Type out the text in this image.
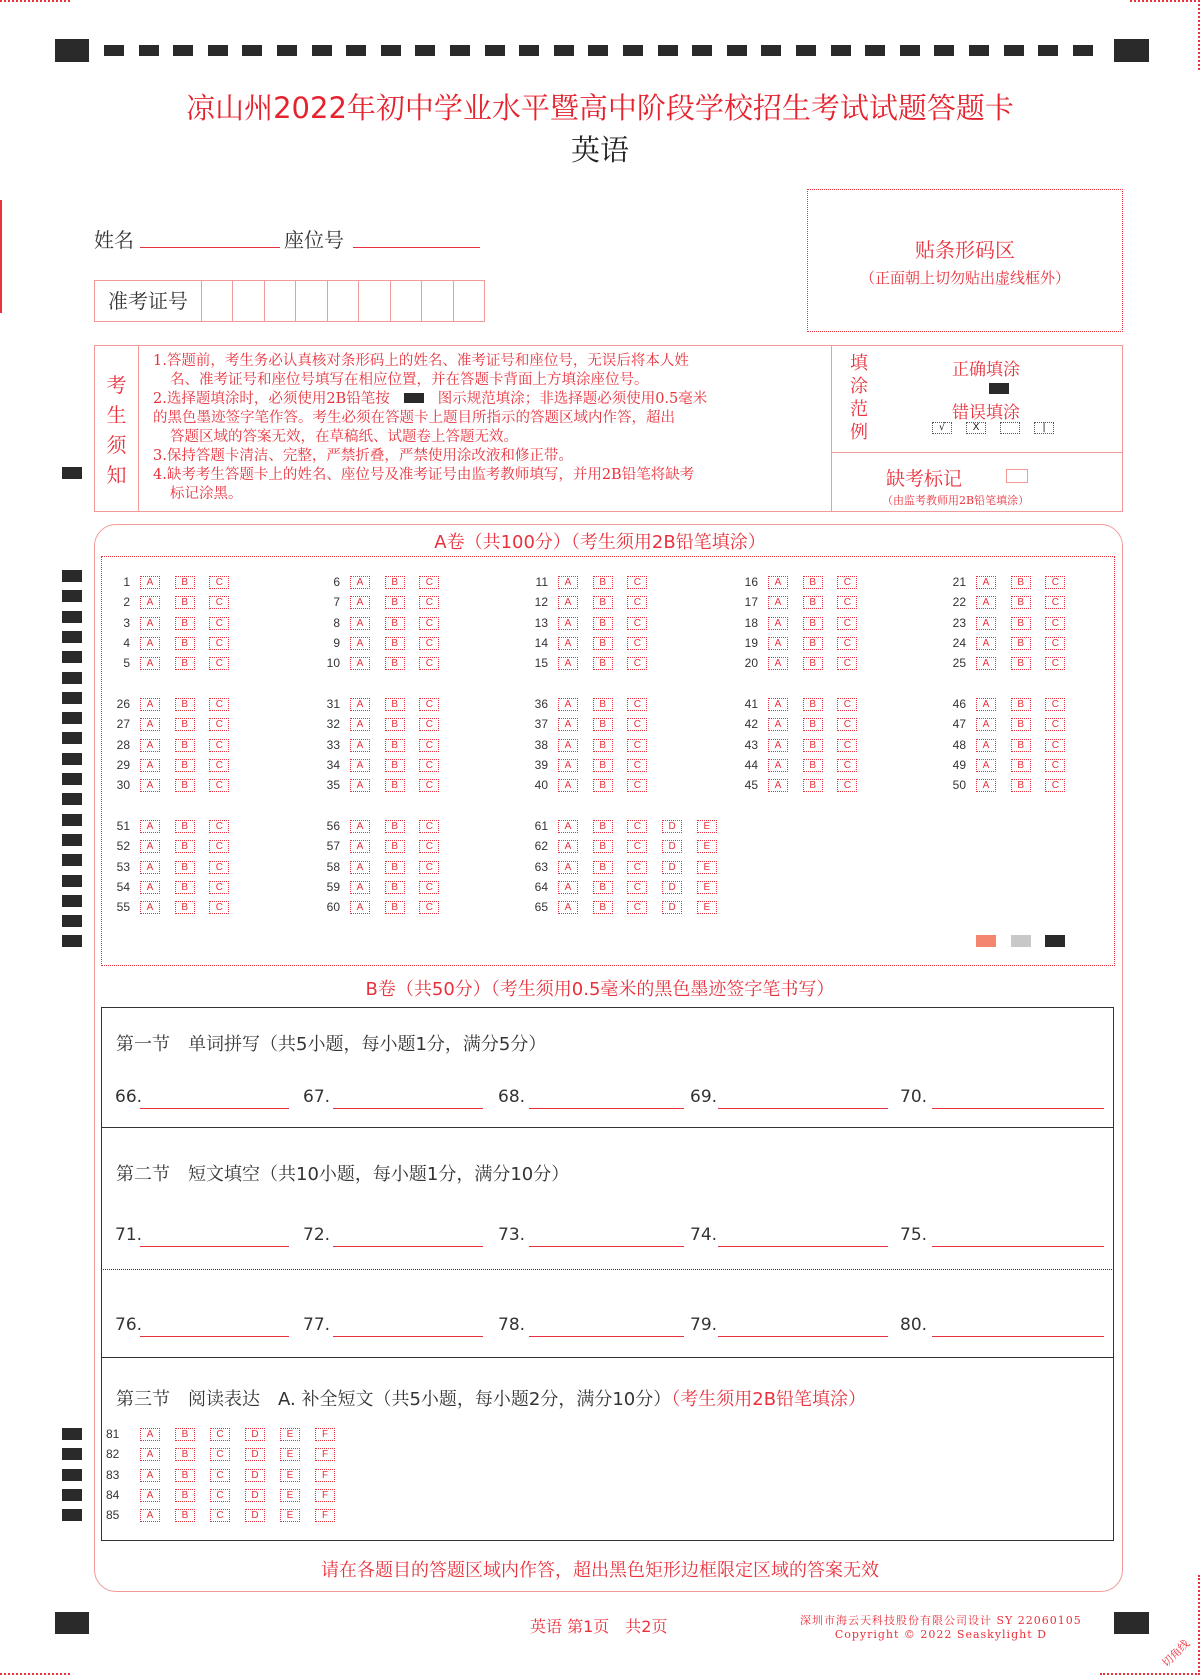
切角线
凉山州2022年初中学业水平暨高中阶段学校招生考试试题答题卡
英语
姓名	座位号
准考证号
贴条形码区
（正面朝上切勿贴出虚线框外）
考
生
须
知
1.答题前，考生务必认真核对条形码上的姓名、准考证号和座位号，无误后将本人姓
名、准考证号和座位号填写在相应位置，并在答题卡背面上方填涂座位号。
2.选择题填涂时，必须使用2B铅笔按	图示规范填涂；非选择题必须使用0.5毫米
的黑色墨迹签字笔作答。考生必须在答题卡上题目所指示的答题区域内作答，超出
答题区域的答案无效，在草稿纸、试题卷上答题无效。
3.保持答题卡清洁、完整，严禁折叠，严禁使用涂改液和修正带。
4.缺考考生答题卡上的姓名、座位号及准考证号由监考教师填写，并用2B铅笔将缺考
标记涂黑。
填
涂
范
例
正确填涂
错误填涂
√	X	|
缺考标记
（由监考教师用2B铅笔填涂）
A卷（共100分）（考生须用2B铅笔填涂）
1	A	B	C
2	A	B	C
3	A	B	C
4	A	B	C
5	A	B	C
6	A	B	C
7	A	B	C
8	A	B	C
9	A	B	C
10	A	B	C
11	A	B	C
12	A	B	C
13	A	B	C
14	A	B	C
15	A	B	C
16	A	B	C
17	A	B	C
18	A	B	C
19	A	B	C
20	A	B	C
21	A	B	C
22	A	B	C
23	A	B	C
24	A	B	C
25	A	B	C
26	A	B	C
27	A	B	C
28	A	B	C
29	A	B	C
30	A	B	C
31	A	B	C
32	A	B	C
33	A	B	C
34	A	B	C
35	A	B	C
36	A	B	C
37	A	B	C
38	A	B	C
39	A	B	C
40	A	B	C
41	A	B	C
42	A	B	C
43	A	B	C
44	A	B	C
45	A	B	C
46	A	B	C
47	A	B	C
48	A	B	C
49	A	B	C
50	A	B	C
51	A	B	C
52	A	B	C
53	A	B	C
54	A	B	C
55	A	B	C
56	A	B	C
57	A	B	C
58	A	B	C
59	A	B	C
60	A	B	C
61	A	B	C	D	E
62	A	B	C	D	E
63	A	B	C	D	E
64	A	B	C	D	E
65	A	B	C	D	E
B卷（共50分）（考生须用0.5毫米的黑色墨迹签字笔书写）
第一节　单词拼写（共5小题，每小题1分，满分5分）
66.	67.	68.	69.	70.
第二节　短文填空（共10小题，每小题1分，满分10分）
71.	72.	73.	74.	75.
76.	77.	78.	79.	80.
第三节　阅读表达　A. 补全短文（共5小题，每小题2分，满分10分）（考生须用2B铅笔填涂）
81	A	B	C	D	E	F
82	A	B	C	D	E	F
83	A	B	C	D	E	F
84	A	B	C	D	E	F
85	A	B	C	D	E	F
请在各题目的答题区域内作答，超出黑色矩形边框限定区域的答案无效
英语 第1页　共2页	深圳市海云天科技股份有限公司设计 SY 22060105
Copyright © 2022 Seaskylight D
